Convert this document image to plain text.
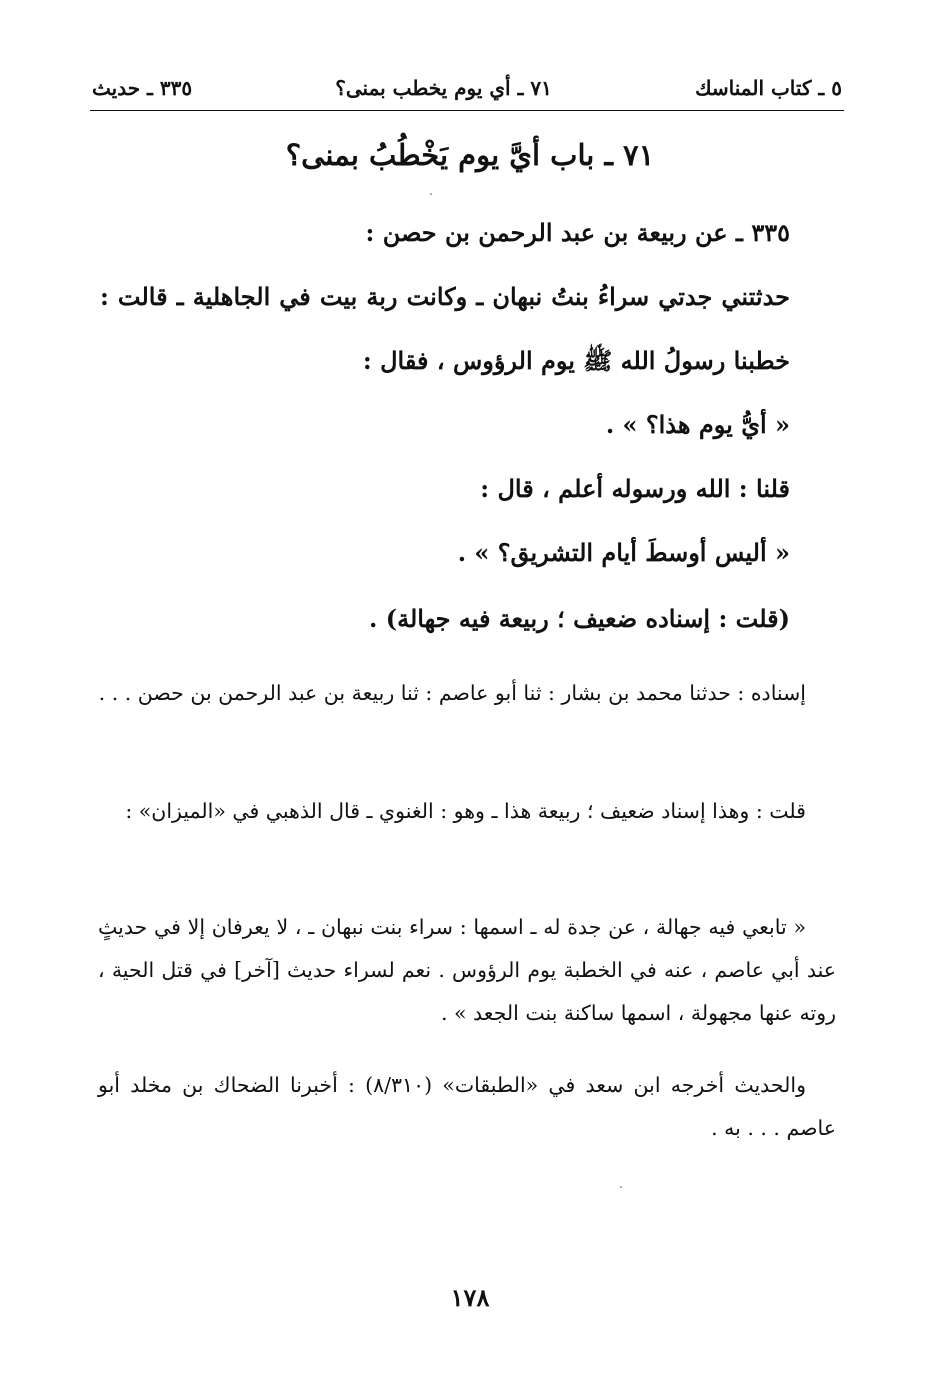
٥ ـ كتاب المناسك
٧١ ـ أي يوم يخطب بمنى؟
٣٣٥ ـ حديث
٧١ ـ باب أيَّ يوم يَخْطُبُ بمنى؟
٣٣٥ ـ عن ربيعة بن عبد الرحمن بن حصن :
حدثتني جدتي سراءُ بنتُ نبهان ـ وكانت ربة بيت في الجاهلية ـ قالت :
خطبنا رسولُ الله ﷺ يوم الرؤوس ، فقال :
« أيُّ يوم هذا؟ » .
قلنا : الله ورسوله أعلم ، قال :
« أليس أوسطَ أيام التشريق؟ » .
(قلت : إسناده ضعيف ؛ ربيعة فيه جهالة) .
إسناده : حدثنا محمد بن بشار : ثنا أبو عاصم : ثنا ربيعة بن عبد الرحمن بن حصن . . .
قلت : وهذا إسناد ضعيف ؛ ربيعة هذا ـ وهو : الغنوي ـ قال الذهبي في «الميزان» :
« تابعي فيه جهالة ، عن جدة له ـ اسمها : سراء بنت نبهان ـ ، لا يعرفان إلا في حديثٍ عند أبي عاصم ، عنه في الخطبة يوم الرؤوس . نعم لسراء حديث [آخر] في قتل الحية ، روته عنها مجهولة ، اسمها ساكنة بنت الجعد » .
والحديث أخرجه ابن سعد في «الطبقات» (٨/٣١٠) : أخبرنا الضحاك بن مخلد أبو عاصم . . . به .
١٧٨
